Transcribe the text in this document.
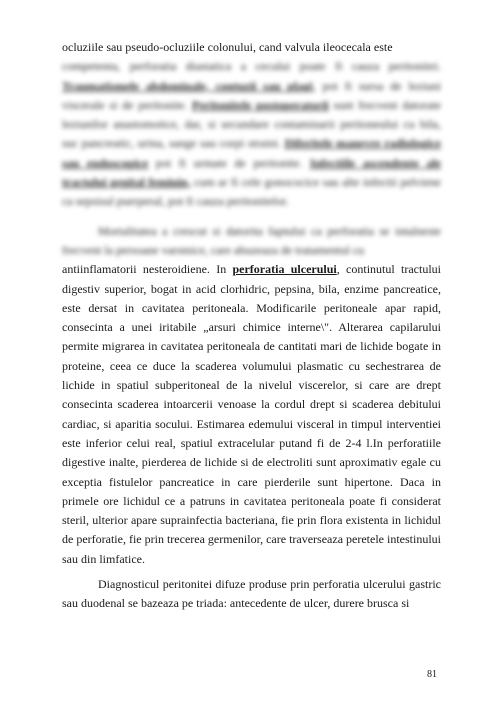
ocluziile sau pseudo-ocluziile colonului, cand valvula ileocecala este

competenta, perforatia diastatica a cecului poate fi cauza peritonitei. Traumatismele abdominale, contuzii sau plagi, pot fi sursa de leziuni viscerale si de peritonite. Peritonitele postoperatorii sunt frecvent datorate leziunilor anastomotice, dar, si secundare contaminarii peritoneului cu bila, suc pancreatic, urina, sange sau corpi straini. Diferitele manevre radiologice sau endoscopice pot fi urmate de peritonite. Infectiile ascendente ale tractului genital feminin, cum ar fi cele gonococice sau alte infectii pelviene ca sepsisul puerperal, pot fi cauza peritonitelor.

Mortalitatea a crescut si datorita faptului ca perforatia se intalneste frecvent la persoane varstnice, care abuzeaza de tratamentul cu

antiinflamatorii nesteroidiene. In perforatia ulcerului, continutul tractului digestiv superior, bogat in acid clorhidric, pepsina, bila, enzime pancreatice, este dersat in cavitatea peritoneala. Modificarile peritoneale apar rapid, consecinta a unei iritabile „arsuri chimice interne\". Alterarea capilarului permite migrarea in cavitatea peritoneala de cantitati mari de lichide bogate in proteine, ceea ce duce la scaderea volumului plasmatic cu sechestrarea de lichide in spatiul subperitoneal de la nivelul viscerelor, si care are drept consecinta scaderea intoarcerii venoase la cordul drept si scaderea debitului cardiac, si aparitia socului. Estimarea edemului visceral in timpul interventiei este inferior celui real, spatiul extracelular putand fi de 2-4 l.In perforatiile digestive inalte, pierderea de lichide si de electroliti sunt aproximativ egale cu exceptia fistulelor pancreatice in care pierderile sunt hipertone. Daca in primele ore lichidul ce a patruns in cavitatea peritoneala poate fi considerat steril, ulterior apare suprainfectia bacteriana, fie prin flora existenta in lichidul de perforatie, fie prin trecerea germenilor, care traverseaza peretele intestinului sau din limfatice.

Diagnosticul peritonitei difuze produse prin perforatia ulcerului gastric sau duodenal se bazeaza pe triada: antecedente de ulcer, durere brusca si

81
